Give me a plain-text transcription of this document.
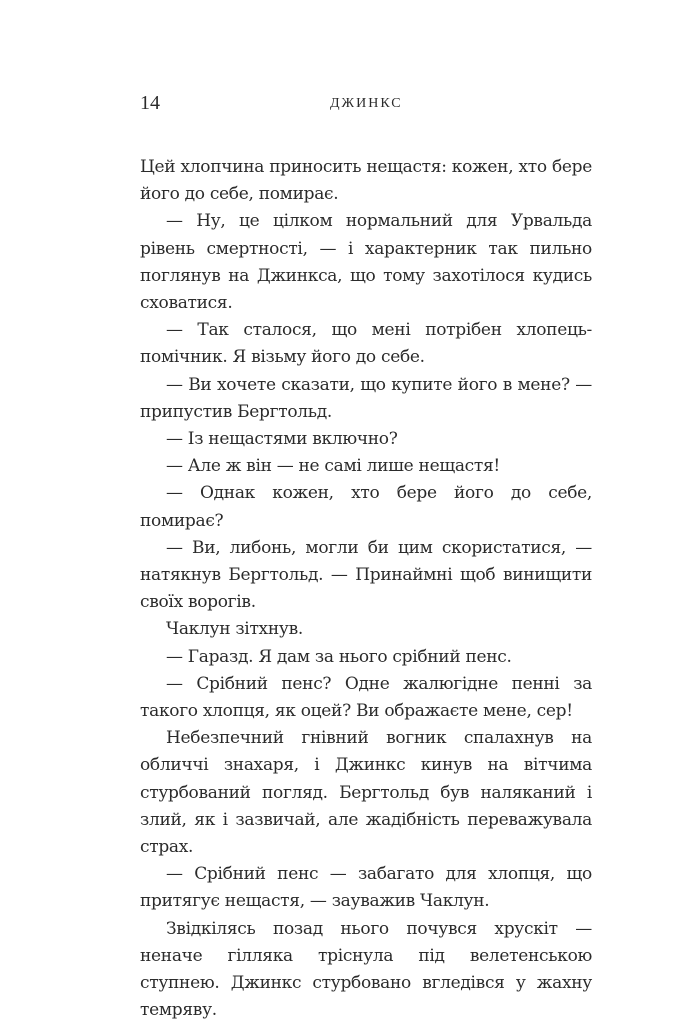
14	ДЖИНКС

Цей хлопчина приносить нещастя: кожен, хто бере його до себе, помирає.

— Ну, це цілком нормальний для Урвальда рівень смертності, — і характерник так пильно поглянув на Джинкса, що тому захотілося кудись сховатися.

— Так сталося, що мені потрібен хлопець-помічник. Я візьму його до себе.

— Ви хочете сказати, що купите його в мене? — припустив Бергтольд.

— Із нещастями включно?

— Але ж він — не самі лише нещастя!

— Однак кожен, хто бере його до себе, помирає?

— Ви, либонь, могли би цим скористатися, — натякнув Бергтольд. — Принаймні щоб винищити своїх ворогів.

Чаклун зітхнув.

— Гаразд. Я дам за нього срібний пенс.

— Срібний пенс? Одне жалюгідне пенні за такого хлопця, як оцей? Ви ображаєте мене, сер!

Небезпечний гнівний вогник спалахнув на обличчі знахаря, і Джинкс кинув на вітчима стурбований погляд. Бергтольд був наляканий і злий, як і зазвичай, але жадібність переважувала страх.

— Срібний пенс — забагато для хлопця, що притягує нещастя, — зауважив Чаклун.

Звідкілясь позад нього почувся хрускіт — неначе гілляка тріснула під велетенською ступнею. Джинкс стурбовано вгледівся у жахну темряву.
